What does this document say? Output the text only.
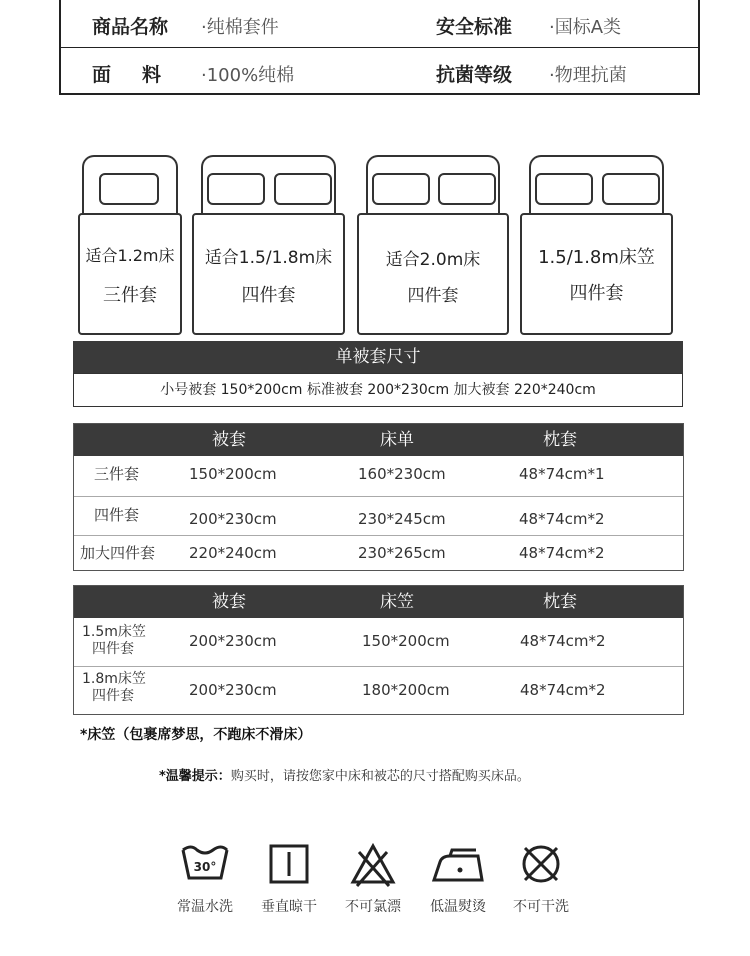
商品名称 ·纯棉套件	安全标准 ·国标A类
面　料 ·100%纯棉	抗菌等级 ·物理抗菌
适合1.2m床
三件套
适合1.5/1.8m床
四件套
适合2.0m床
四件套
1.5/1.8m床笠
四件套
单被套尺寸
小号被套 150*200cm 标准被套 200*230cm 加大被套 220*240cm
被套	床单	枕套
三件套	150*200cm	160*230cm	48*74cm*1
四件套	200*230cm	230*245cm	48*74cm*2
加大四件套 220*240cm	230*265cm	48*74cm*2
被套	床笠	枕套
1.5m床笠
四件套	200*230cm	150*200cm	48*74cm*2
1.8m床笠
四件套	200*230cm	180*200cm	48*74cm*2
*床笠（包裹席梦思，不跑床不滑床）
*温馨提示：购买时，请按您家中床和被芯的尺寸搭配购买床品。
30°
常温水洗	垂直晾干	不可氯漂	低温熨烫	不可干洗
